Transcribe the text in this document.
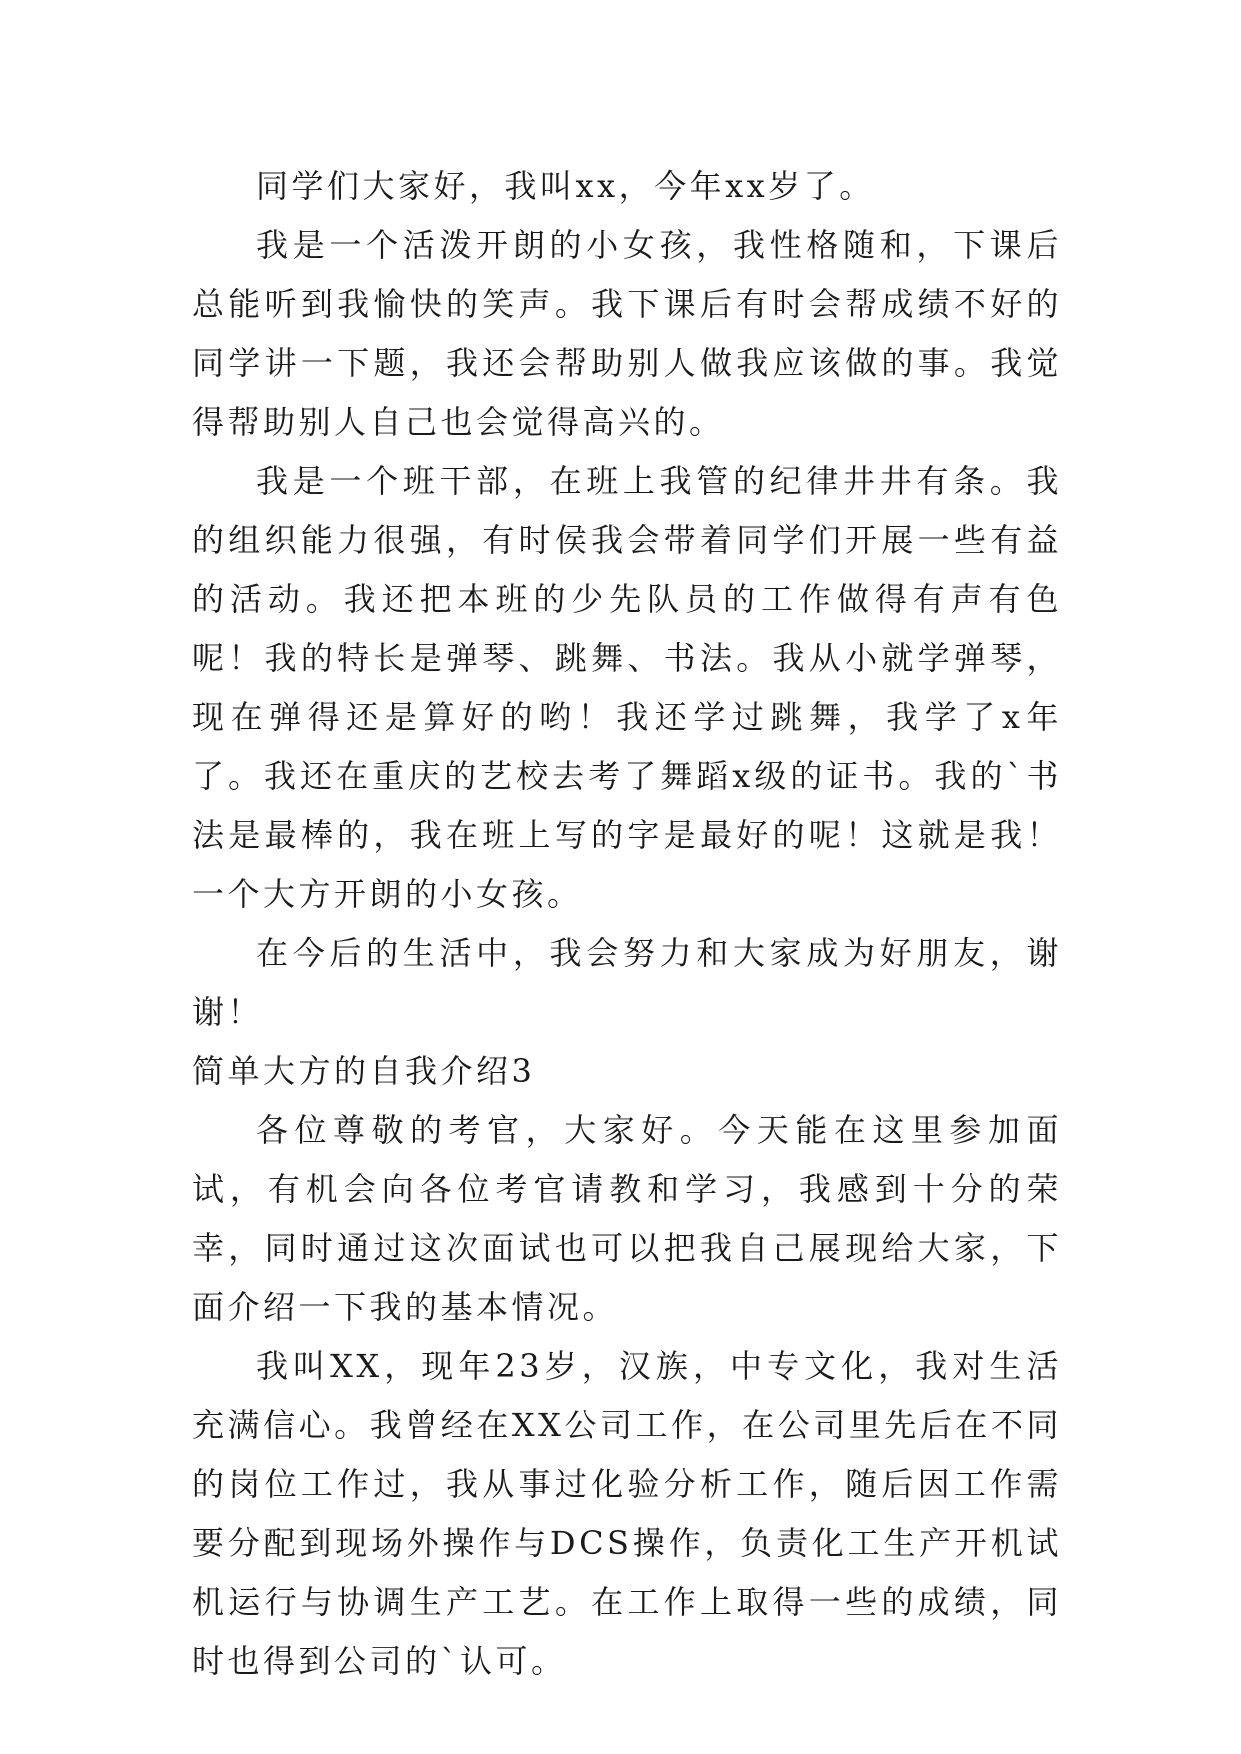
同学们大家好，我叫xx，今年xx岁了。

我是一个活泼开朗的小女孩，我性格随和，下课后总能听到我愉快的笑声。我下课后有时会帮成绩不好的同学讲一下题，我还会帮助别人做我应该做的事。我觉得帮助别人自己也会觉得高兴的。

我是一个班干部，在班上我管的纪律井井有条。我的组织能力很强，有时侯我会带着同学们开展一些有益的活动。我还把本班的少先队员的工作做得有声有色呢！我的特长是弹琴、跳舞、书法。我从小就学弹琴，现在弹得还是算好的哟！我还学过跳舞，我学了x年了。我还在重庆的艺校去考了舞蹈x级的证书。我的`书法是最棒的，我在班上写的字是最好的呢！这就是我！一个大方开朗的小女孩。

在今后的生活中，我会努力和大家成为好朋友，谢谢！

简单大方的自我介绍3

各位尊敬的考官，大家好。今天能在这里参加面试，有机会向各位考官请教和学习，我感到十分的荣幸，同时通过这次面试也可以把我自己展现给大家，下面介绍一下我的基本情况。

我叫XX，现年23岁，汉族，中专文化，我对生活充满信心。我曾经在XX公司工作，在公司里先后在不同的岗位工作过，我从事过化验分析工作，随后因工作需要分配到现场外操作与DCS操作，负责化工生产开机试机运行与协调生产工艺。在工作上取得一些的成绩，同时也得到公司的`认可。
